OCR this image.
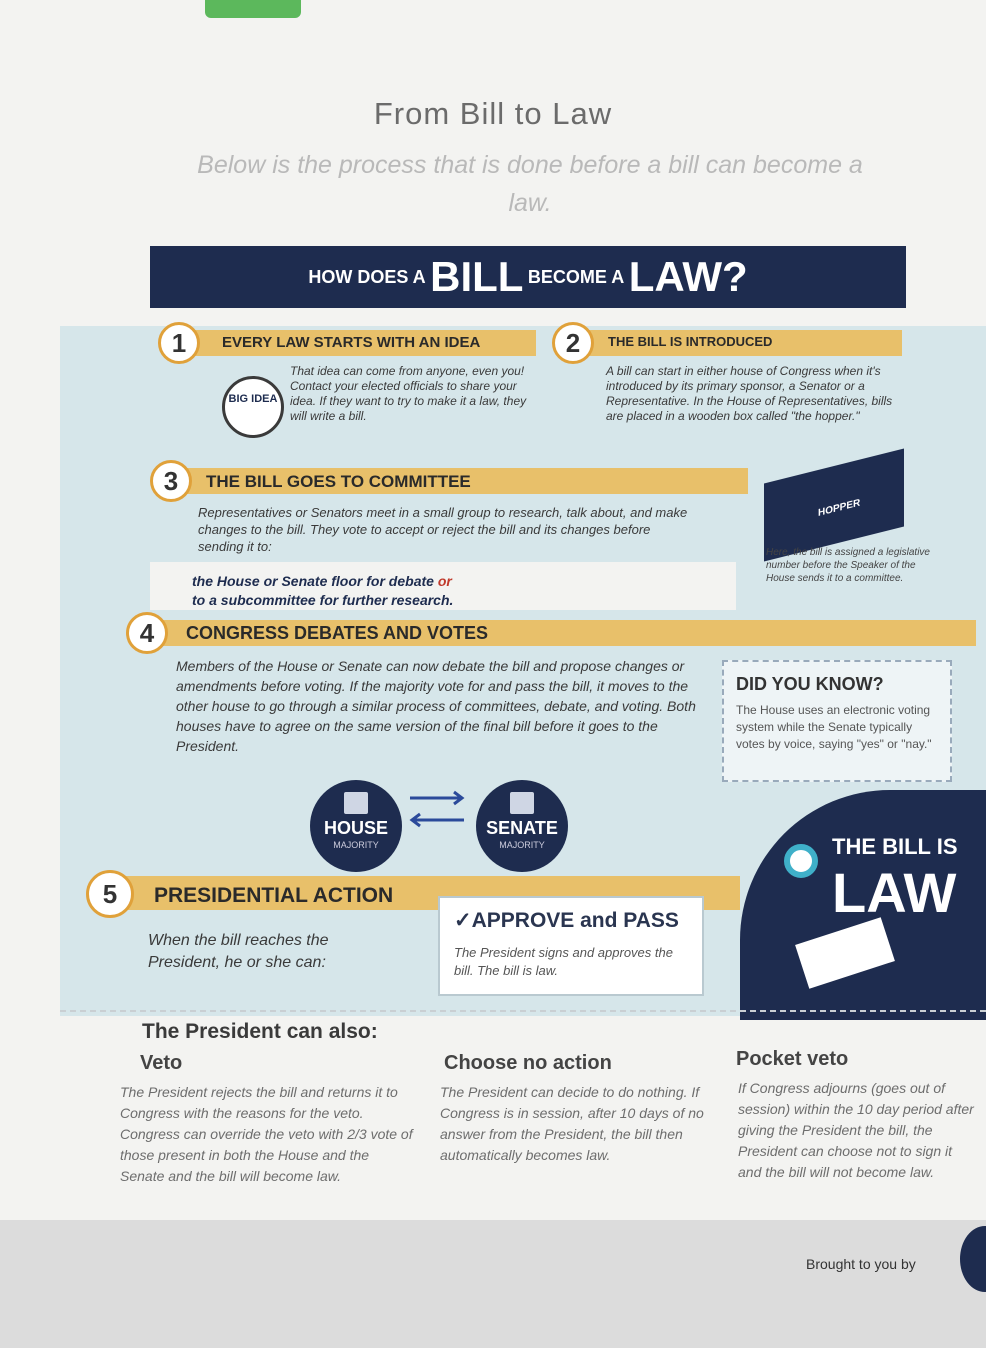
From Bill to Law
Below is the process that is done before a bill can become a law.
HOW DOES A BILL BECOME A LAW?
1	EVERY LAW STARTS WITH AN IDEA
BIG IDEA
That idea can come from anyone, even you! Contact your elected officials to share your idea. If they want to try to make it a law, they will write a bill.
2	THE BILL IS INTRODUCED
A bill can start in either house of Congress when it's introduced by its primary sponsor, a Senator or a Representative. In the House of Representatives, bills are placed in a wooden box called "the hopper."
3	THE BILL GOES TO COMMITTEE
Representatives or Senators meet in a small group to research, talk about, and make changes to the bill. They vote to accept or reject the bill and its changes before sending it to:
the House or Senate floor for debate or
to a subcommittee for further research.
HOPPER
Here, the bill is assigned a legislative number before the Speaker of the House sends it to a committee.
4	CONGRESS DEBATES AND VOTES
Members of the House or Senate can now debate the bill and propose changes or amendments before voting. If the majority vote for and pass the bill, it moves to the other house to go through a similar process of committees, debate, and voting. Both houses have to agree on the same version of the final bill before it goes to the President.
DID YOU KNOW?
The House uses an electronic voting system while the Senate typically votes by voice, saying "yes" or "nay."
HOUSE
MAJORITY
SENATE
MAJORITY
5	PRESIDENTIAL ACTION
When the bill reaches the President, he or she can:
✓APPROVE and PASS
The President signs and approves the bill. The bill is law.
THE BILL IS
LAW
The President can also:
Veto
The President rejects the bill and returns it to Congress with the reasons for the veto. Congress can override the veto with 2/3 vote of those present in both the House and the Senate and the bill will become law.
Choose no action
The President can decide to do nothing. If Congress is in session, after 10 days of no answer from the President, the bill then automatically becomes law.
Pocket veto
If Congress adjourns (goes out of session) within the 10 day period after giving the President the bill, the President can choose not to sign it and the bill will not become law.
Brought to you by
